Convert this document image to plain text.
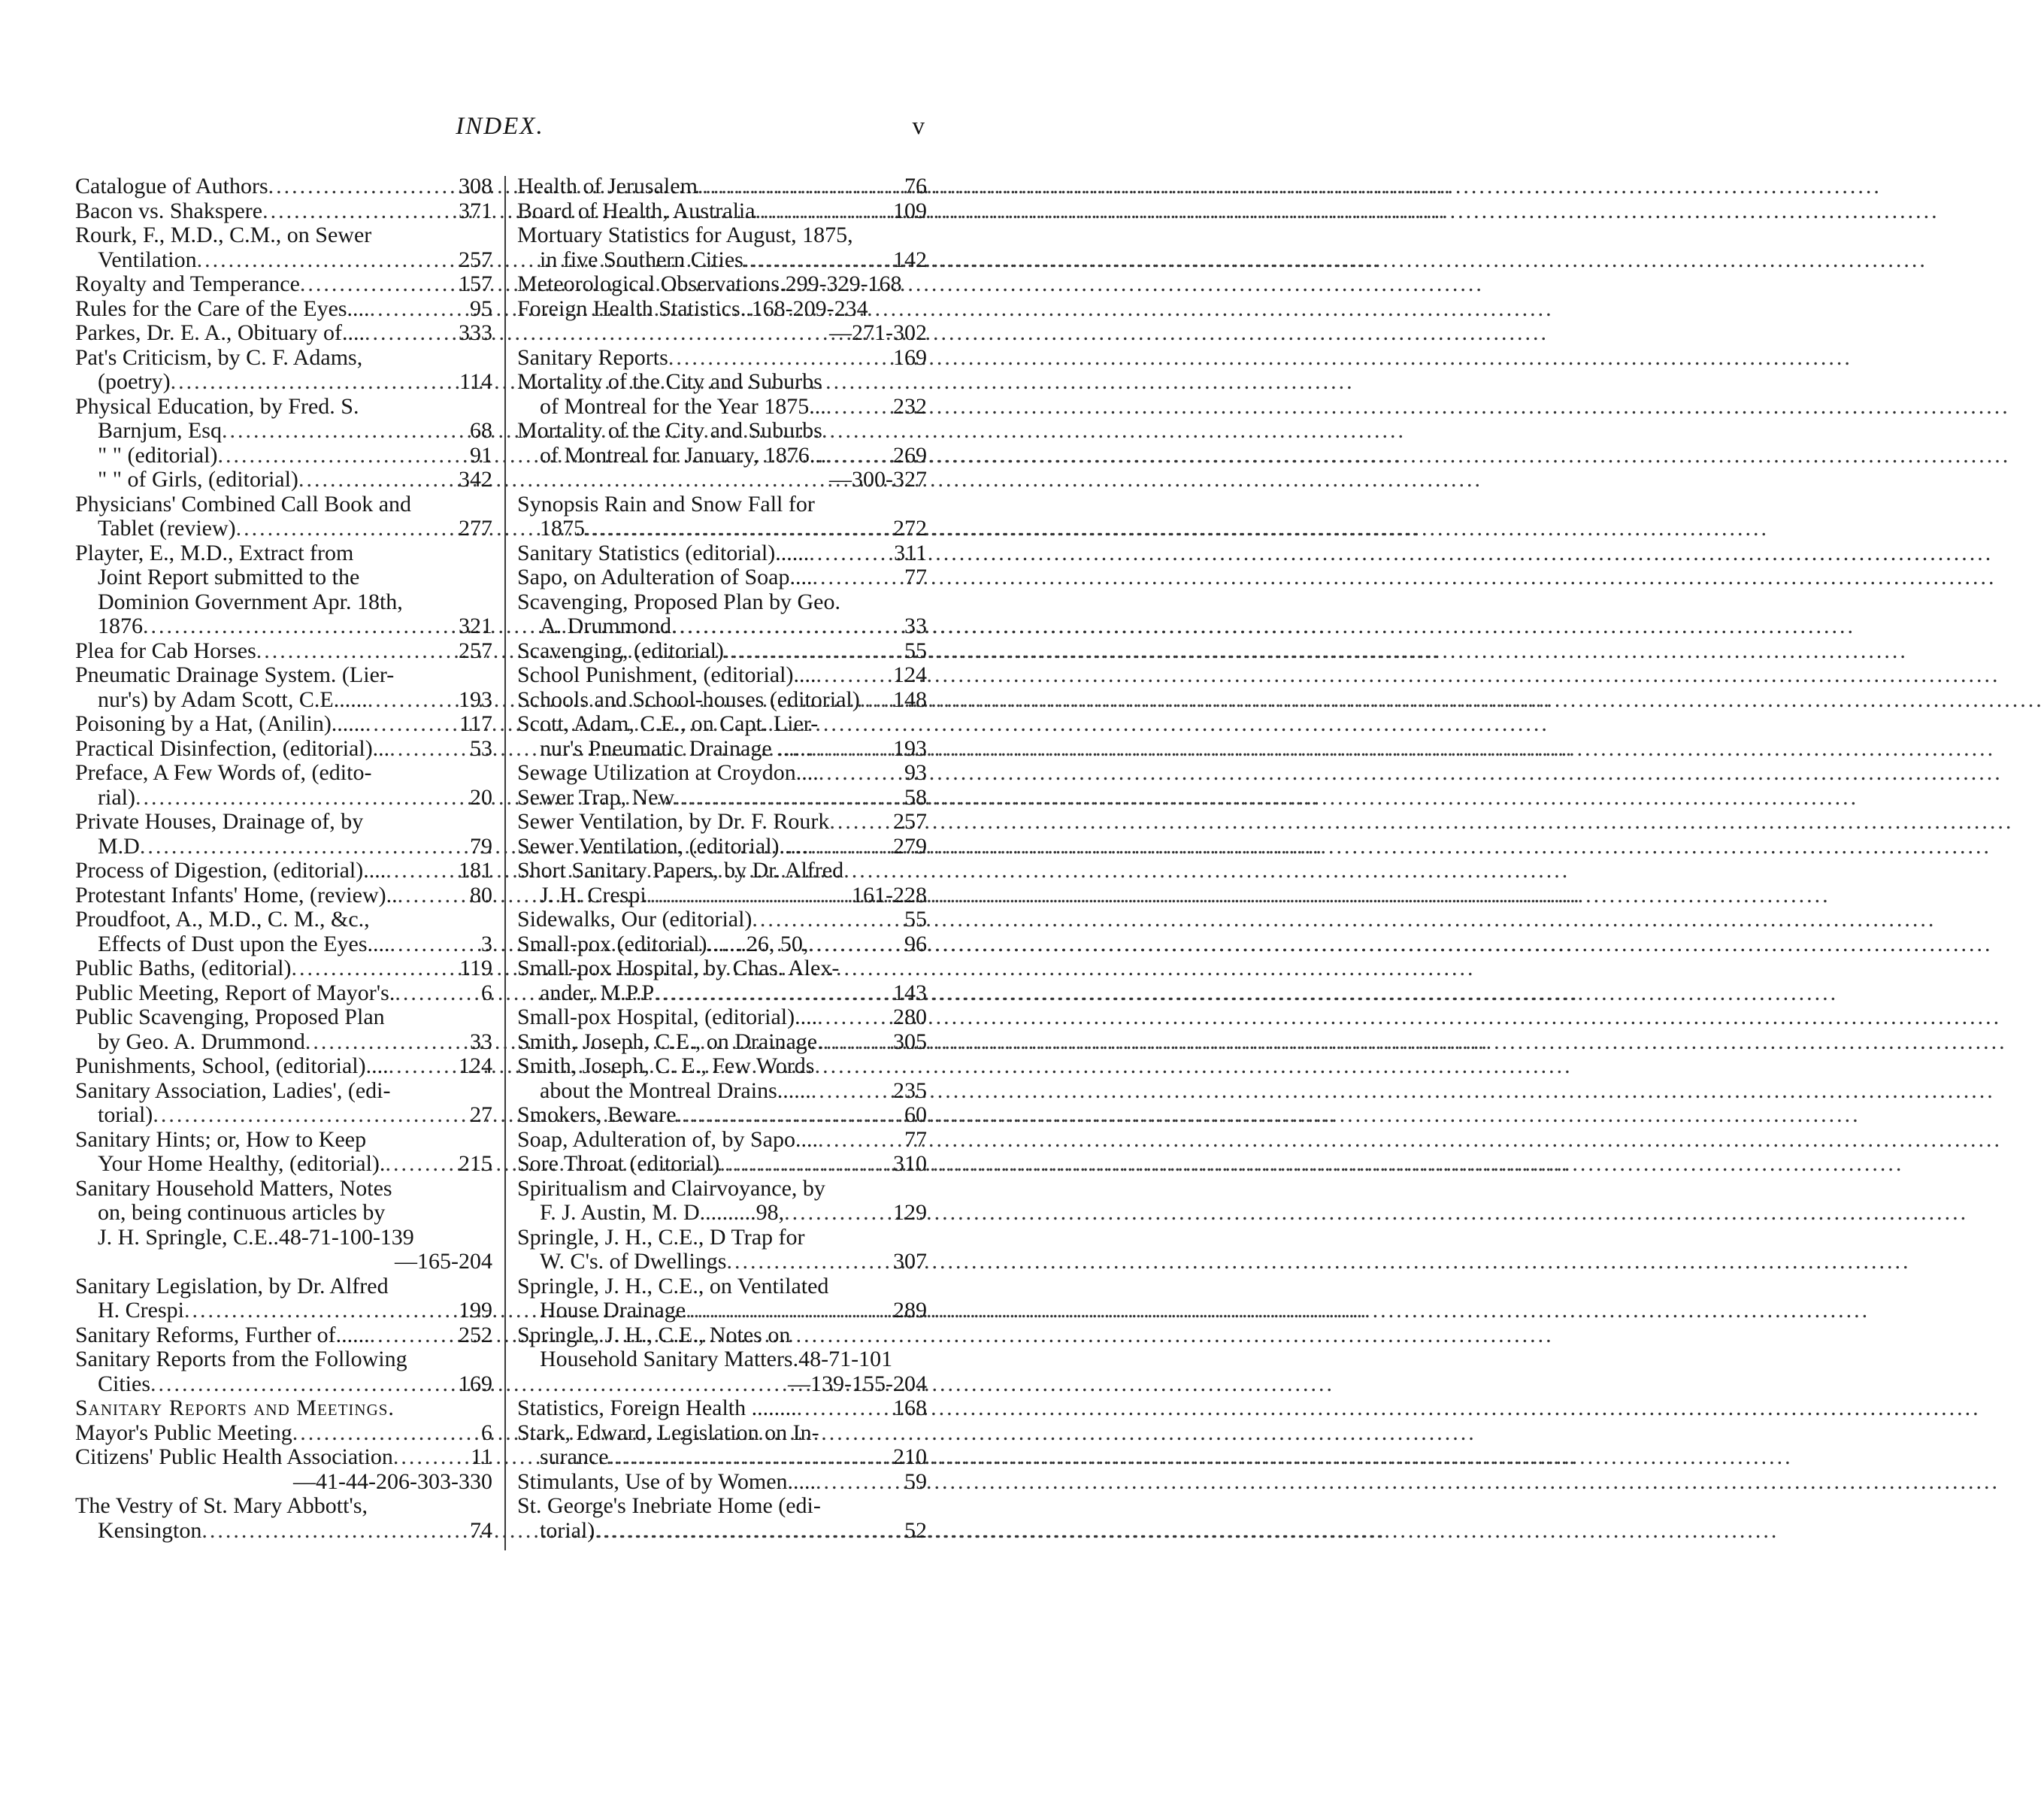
INDEX.	v
Catalogue of Authors .....	308
Bacon vs. Shakspere .....	371
Rourk, F., M.D., C.M., on Sewer
Ventilation .....	257
Royalty and Temperance .....	157
Rules for the Care of the Eyes.... .....	95
Parkes, Dr. E. A., Obituary of.... .....	333
Pat's Criticism, by C. F. Adams,
(poetry) .....	114
Physical Education, by Fred. S.
Barnjum, Esq .....	68
" " (editorial) .....	91
" " of Girls, (editorial) .....	342
Physicians' Combined Call Book and
Tablet (review) .....	277
Playter, E., M.D., Extract from
Joint Report submitted to the
Dominion Government Apr. 18th,
1876 .....	321
Plea for Cab Horses .....	257
Pneumatic Drainage System. (Lier-
nur's) by Adam Scott, C.E...... .....	193
Poisoning by a Hat, (Anilin)...... .....	117
Practical Disinfection, (editorial)... .....	53
Preface, A Few Words of, (edito-
rial) .....	20
Private Houses, Drainage of, by
M.D .....	79
Process of Digestion, (editorial).... .....	181
Protestant Infants' Home, (review).. .....	80
Proudfoot, A., M.D., C. M., &c.,
Effects of Dust upon the Eyes.... .....	3
Public Baths, (editorial) .....	119
Public Meeting, Report of Mayor's. .....	6
Public Scavenging, Proposed Plan
by Geo. A. Drummond .....	33
Punishments, School, (editorial).... .....	124
Sanitary Association, Ladies', (edi-
torial) .....	27
Sanitary Hints; or, How to Keep
Your Home Healthy, (editorial). .....	215
Sanitary Household Matters, Notes
on, being continuous articles by
J. H. Springle, C.E..48-71-100-139
—165-204
Sanitary Legislation, by Dr. Alfred
H. Crespi .....	199
Sanitary Reforms, Further of...... .....	252
Sanitary Reports from the Following
Cities .....	169
Sanitary Reports and Meetings.
Mayor's Public Meeting .....	6
Citizens' Public Health Association .....	11
—41-44-206-303-330
The Vestry of St. Mary Abbott's,
Kensington .....	74
Health of Jerusalem .....	76
Board of Health, Australia .....	109
Mortuary Statistics for August, 1875,
in five Southern Cities .....	142
Meteorological Observations.299-329-168
Foreign Health Statistics..168-209-234
—271-302
Sanitary Reports .....	169
Mortality of the City and Suburbs
of Montreal for the Year 1875... .....	232
Mortality of the City and Suburbs
of Montreal for January, 1876... .....	269
—300-327
Synopsis Rain and Snow Fall for
1875 .....	272
Sanitary Statistics (editorial)...... .....	311
Sapo, on Adulteration of Soap.... .....	77
Scavenging, Proposed Plan by Geo.
A. Drummond .....	33
Scavenging, (editorial) .....	55
School Punishment, (editorial).... .....	124
Schools and School-houses (editorial) ..... 148
Scott, Adam, C.E., on Capt. Lier-
nur's Pneumatic Drainage ...... .....	193
Sewage Utilization at Croydon.... .....	93
Sewer Trap, New .....	58
Sewer Ventilation, by Dr. F. Rourk .....	257
Sewer Ventilation, (editorial)..... .....	279
Short Sanitary Papers, by Dr. Alfred
J. H. Crespi .....	161-228
Sidewalks, Our (editorial) .....	55
Small-pox (editorial).......26, 50, .....	96
Small-pox Hospital, by Chas. Alex-
ander, M.P.P .....	143
Small-pox Hospital, (editorial).... .....	280
Smith, Joseph, C.E., on Drainage. .....	305
Smith, Joseph, C. E., Few Words
about the Montreal Drains...... .....	235
Smokers, Beware .....	60
Soap, Adulteration of, by Sapo.... .....	77
Sore Throat (editorial) .....	310
Spiritualism and Clairvoyance, by
F. J. Austin, M. D..........98, .....	129
Springle, J. H., C.E., D Trap for
W. C's. of Dwellings .....	307
Springle, J. H., C.E., on Ventilated
House Drainage .....	289
Springle, J. H., C.E., Notes on
Household Sanitary Matters.48-71-101
—139-155-204
Statistics, Foreign Health ........ .....	168
Stark, Edward, Legislation on In-
surance .....	210
Stimulants, Use of by Women..... .....	59
St. George's Inebriate Home (edi-
torial) .....	52
